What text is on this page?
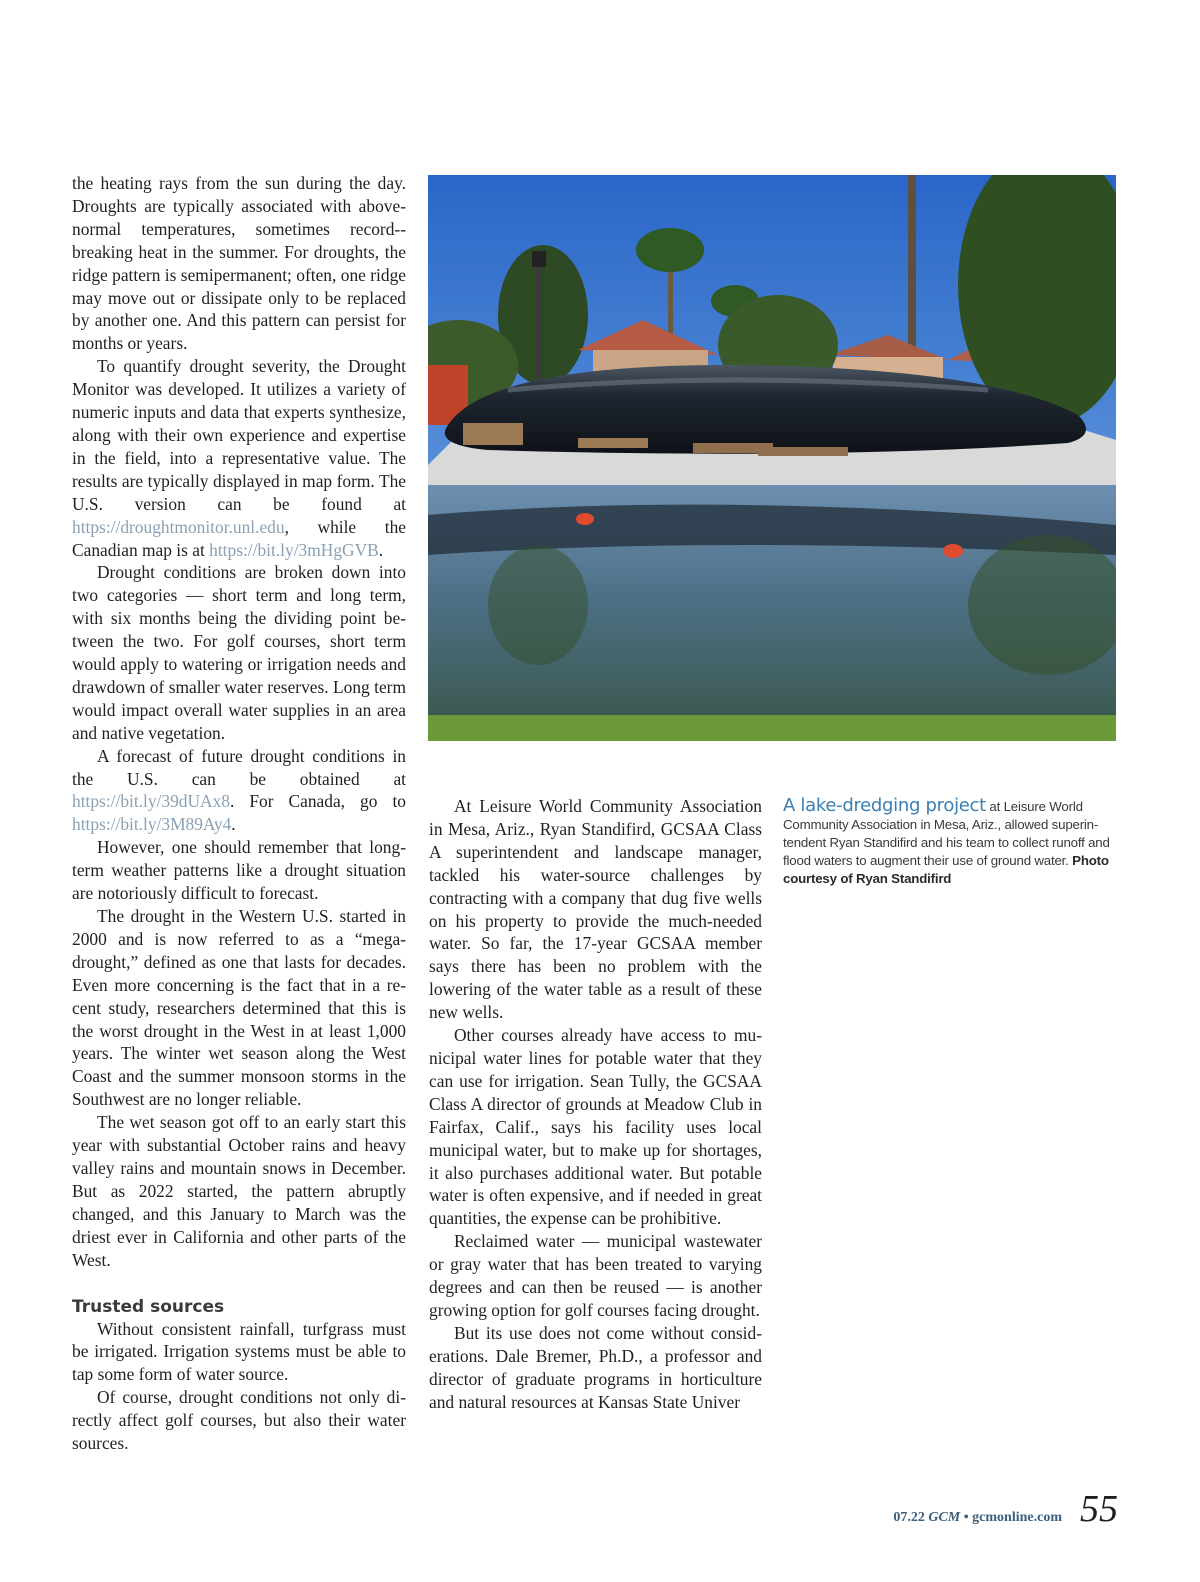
the heating rays from the sun during the day. Droughts are typically associated with abovenormal temperatures, sometimes record-breaking heat in the summer. For droughts, the ridge pattern is semipermanent; often, one ridge may move out or dissipate only to be replaced by another one. And this pattern can persist for months or years.

To quantify drought severity, the Drought Monitor was developed. It utilizes a variety of numeric inputs and data that experts synthesize, along with their own experience and expertise in the field, into a representative value. The results are typically displayed in map form. The U.S. version can be found at https://droughtmonitor.unl.edu, while the Canadian map is at https://bit.ly/3mHgGVB.

Drought conditions are broken down into two categories — short term and long term, with six months being the dividing point between the two. For golf courses, short term would apply to watering or irrigation needs and drawdown of smaller water reserves. Long term would impact overall water supplies in an area and native vegetation.

A forecast of future drought conditions in the U.S. can be obtained at https://bit.ly/39dUAx8. For Canada, go to https://bit.ly/3M89Ay4.

However, one should remember that long-term weather patterns like a drought situation are notoriously difficult to forecast.

The drought in the Western U.S. started in 2000 and is now referred to as a “mega-drought,” defined as one that lasts for decades. Even more concerning is the fact that in a recent study, researchers determined that this is the worst drought in the West in at least 1,000 years. The winter wet season along the West Coast and the summer monsoon storms in the Southwest are no longer reliable.

The wet season got off to an early start this year with substantial October rains and heavy valley rains and mountain snows in December. But as 2022 started, the pattern abruptly changed, and this January to March was the driest ever in California and other parts of the West.

Trusted sources

Without consistent rainfall, turfgrass must be irrigated. Irrigation systems must be able to tap some form of water source.

Of course, drought conditions not only directly affect golf courses, but also their water sources.

At Leisure World Community Association in Mesa, Ariz., Ryan Standifird, GCSAA Class A superintendent and landscape manager, tackled his water-source challenges by contracting with a company that dug five wells on his property to provide the much-needed water. So far, the 17-year GCSAA member says there has been no problem with the lowering of the water table as a result of these new wells.

Other courses already have access to municipal water lines for potable water that they can use for irrigation. Sean Tully, the GCSAA Class A director of grounds at Meadow Club in Fairfax, Calif., says his facility uses local municipal water, but to make up for shortages, it also purchases additional water. But potable water is often expensive, and if needed in great quantities, the expense can be prohibitive.

Reclaimed water — municipal wastewater or gray water that has been treated to varying degrees and can then be reused — is another growing option for golf courses facing drought.

But its use does not come without considerations. Dale Bremer, Ph.D., a professor and director of graduate programs in horticulture and natural resources at Kansas State Univer

A lake-dredging project at Leisure World Community Association in Mesa, Ariz., allowed superintendent Ryan Standifird and his team to collect runoff and flood waters to augment their use of ground water. Photo courtesy of Ryan Standifird
07.22 GCM • gcmonline.com 55
